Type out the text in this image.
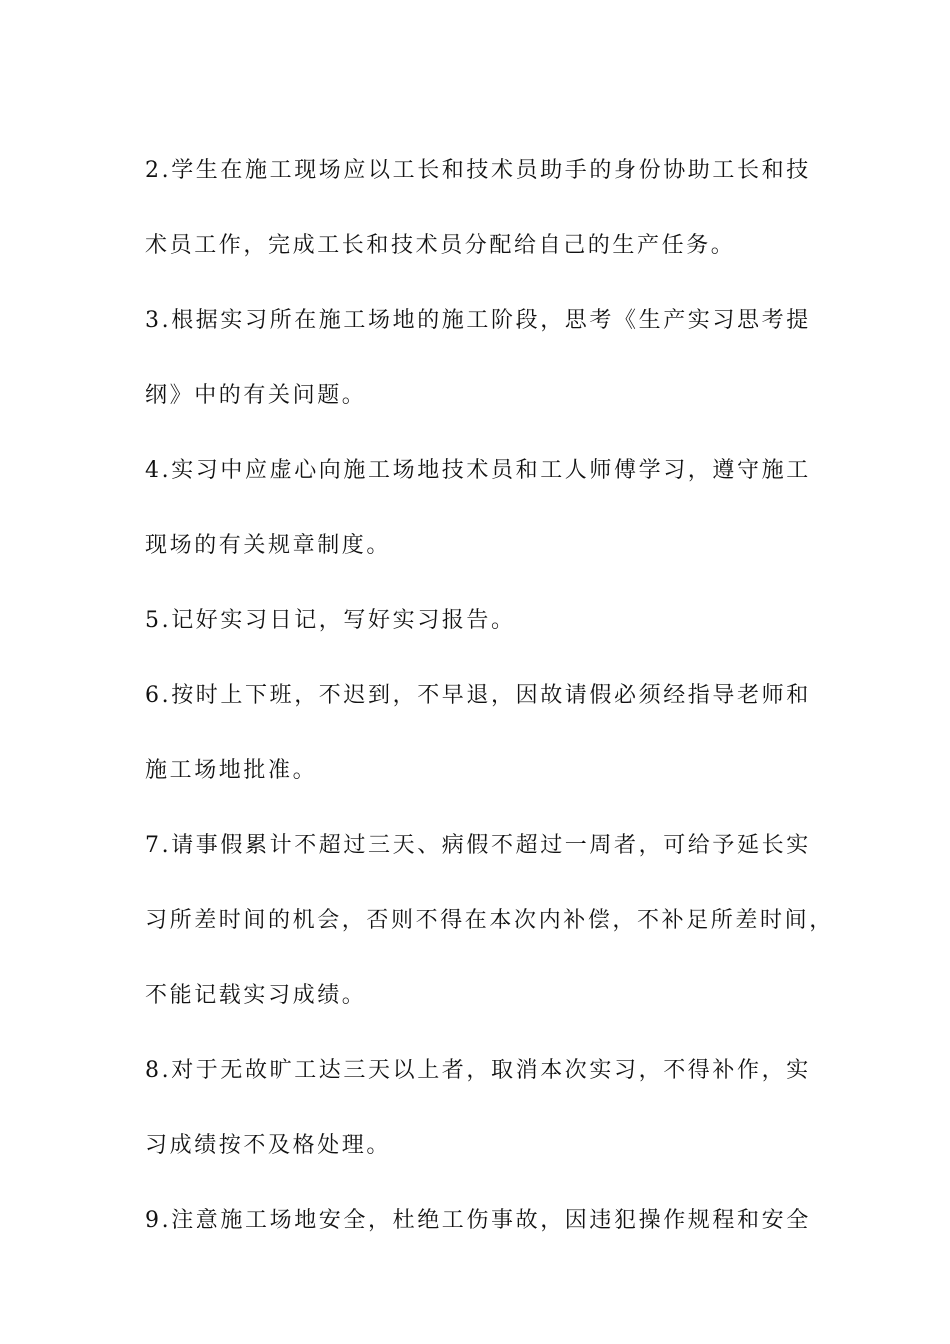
2.学生在施工现场应以工长和技术员助手的身份协助工长和技

术员工作，完成工长和技术员分配给自己的生产任务。

3.根据实习所在施工场地的施工阶段，思考《生产实习思考提

纲》中的有关问题。

4.实习中应虚心向施工场地技术员和工人师傅学习，遵守施工

现场的有关规章制度。

5.记好实习日记，写好实习报告。

6.按时上下班，不迟到，不早退，因故请假必须经指导老师和

施工场地批准。

7.请事假累计不超过三天、病假不超过一周者，可给予延长实

习所差时间的机会，否则不得在本次内补偿，不补足所差时间，

不能记载实习成绩。

8.对于无故旷工达三天以上者，取消本次实习，不得补作，实

习成绩按不及格处理。

9.注意施工场地安全，杜绝工伤事故，因违犯操作规程和安全
